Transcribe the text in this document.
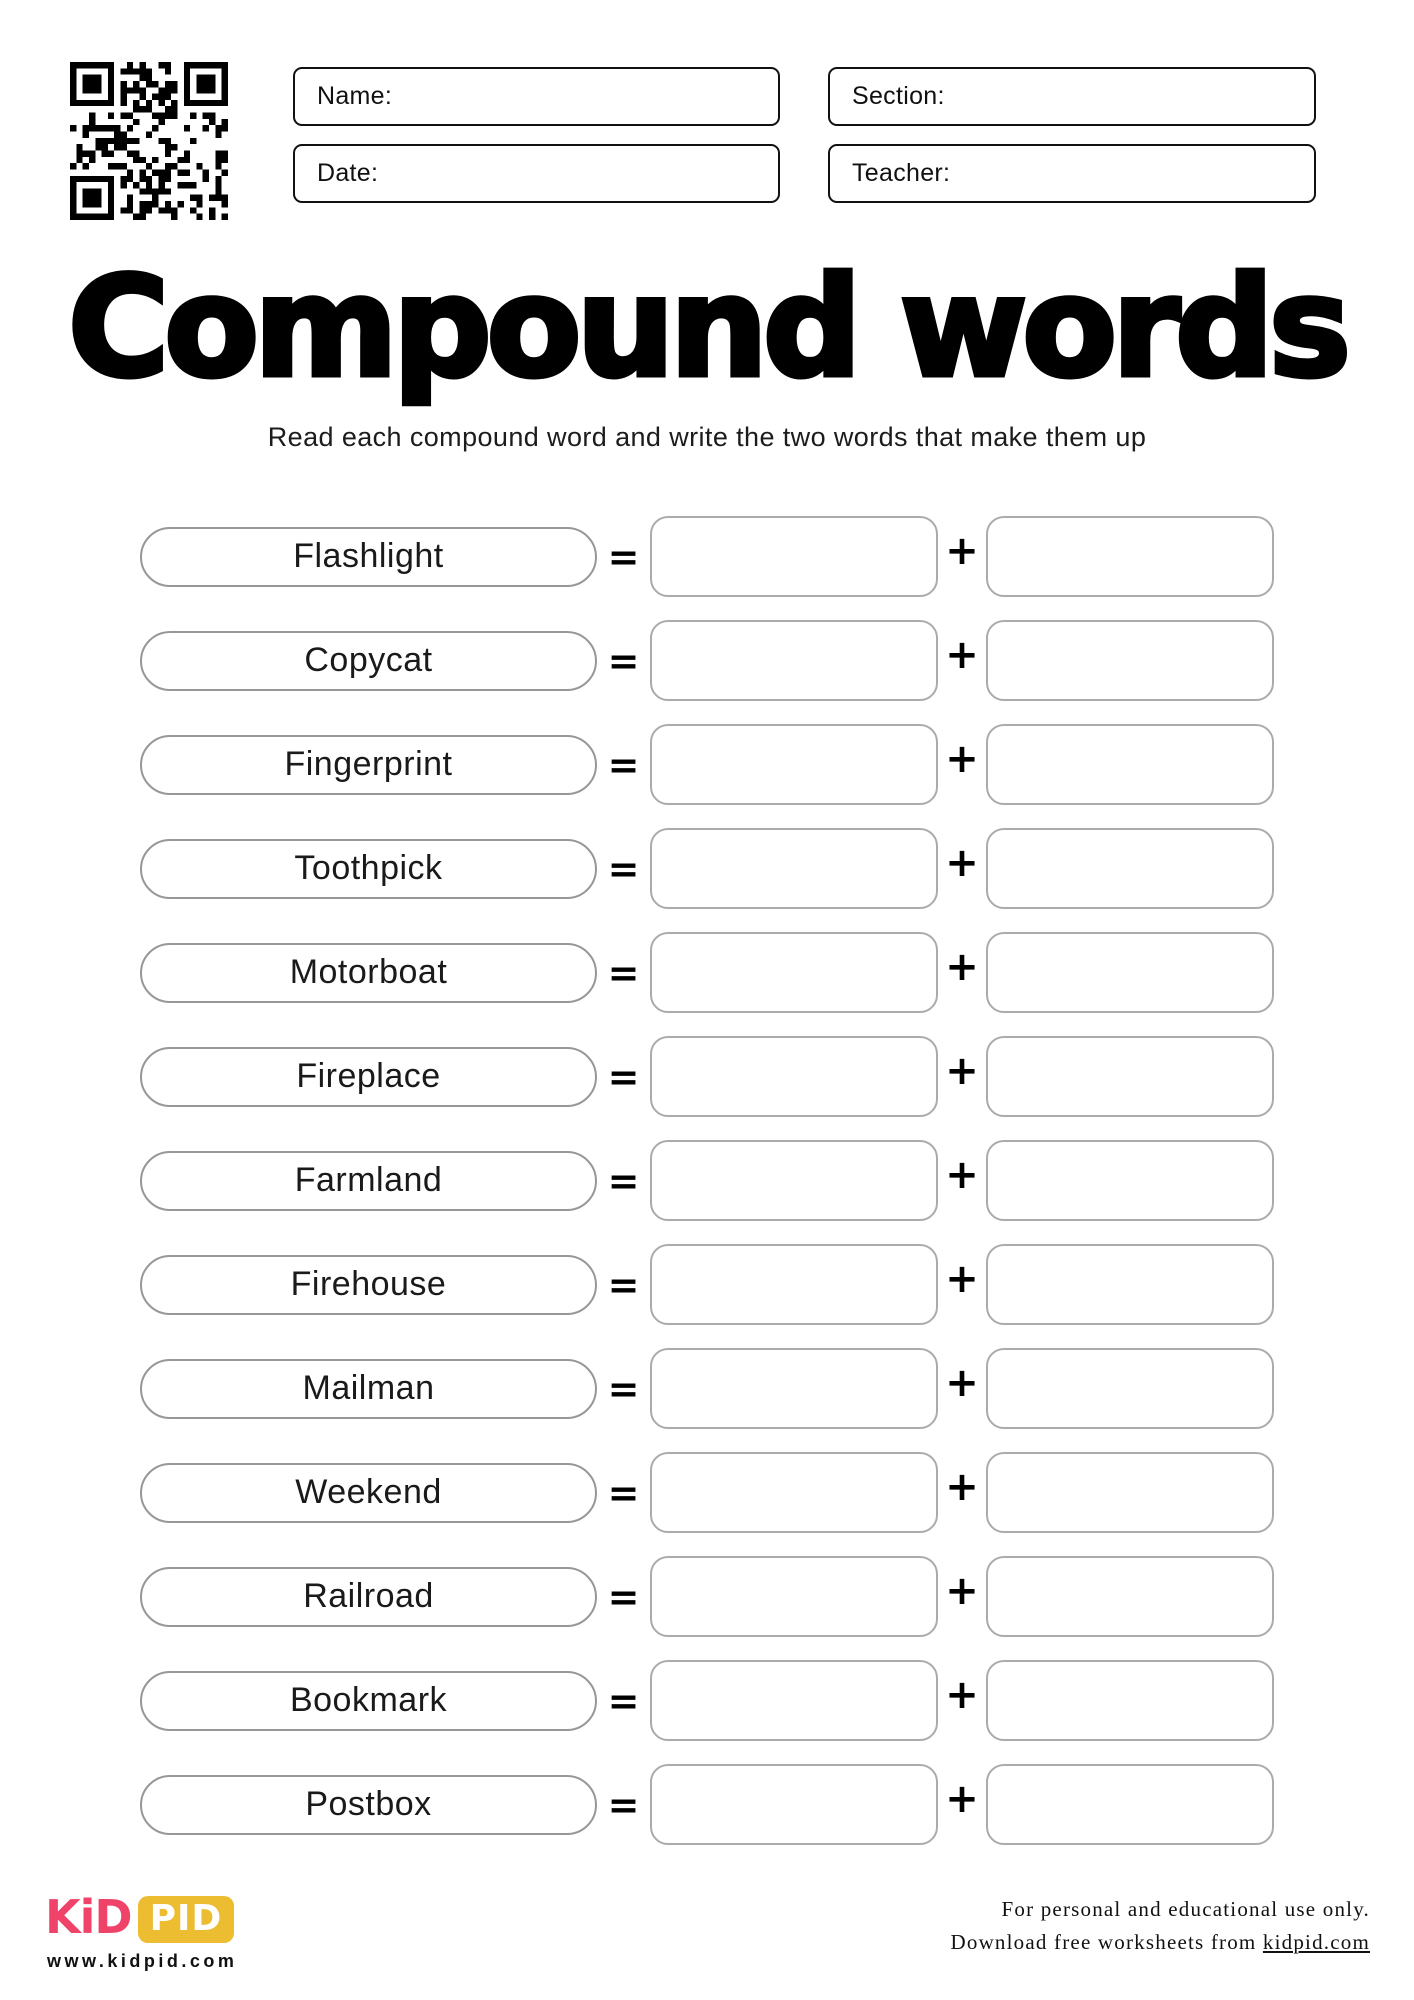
Name:	Section:
Date:	Teacher:
Compound words
Read each compound word and write the two words that make them up
Flashlight	=	+
Copycat	=	+
Fingerprint	=	+
Toothpick	=	+
Motorboat	=	+
Fireplace	=	+
Farmland	=	+
Firehouse	=	+
Mailman	=	+
Weekend	=	+
Railroad	=	+
Bookmark	=	+
Postbox	=	+
KiD PID
www.kidpid.com
For personal and educational use only.
Download free worksheets from kidpid.com
